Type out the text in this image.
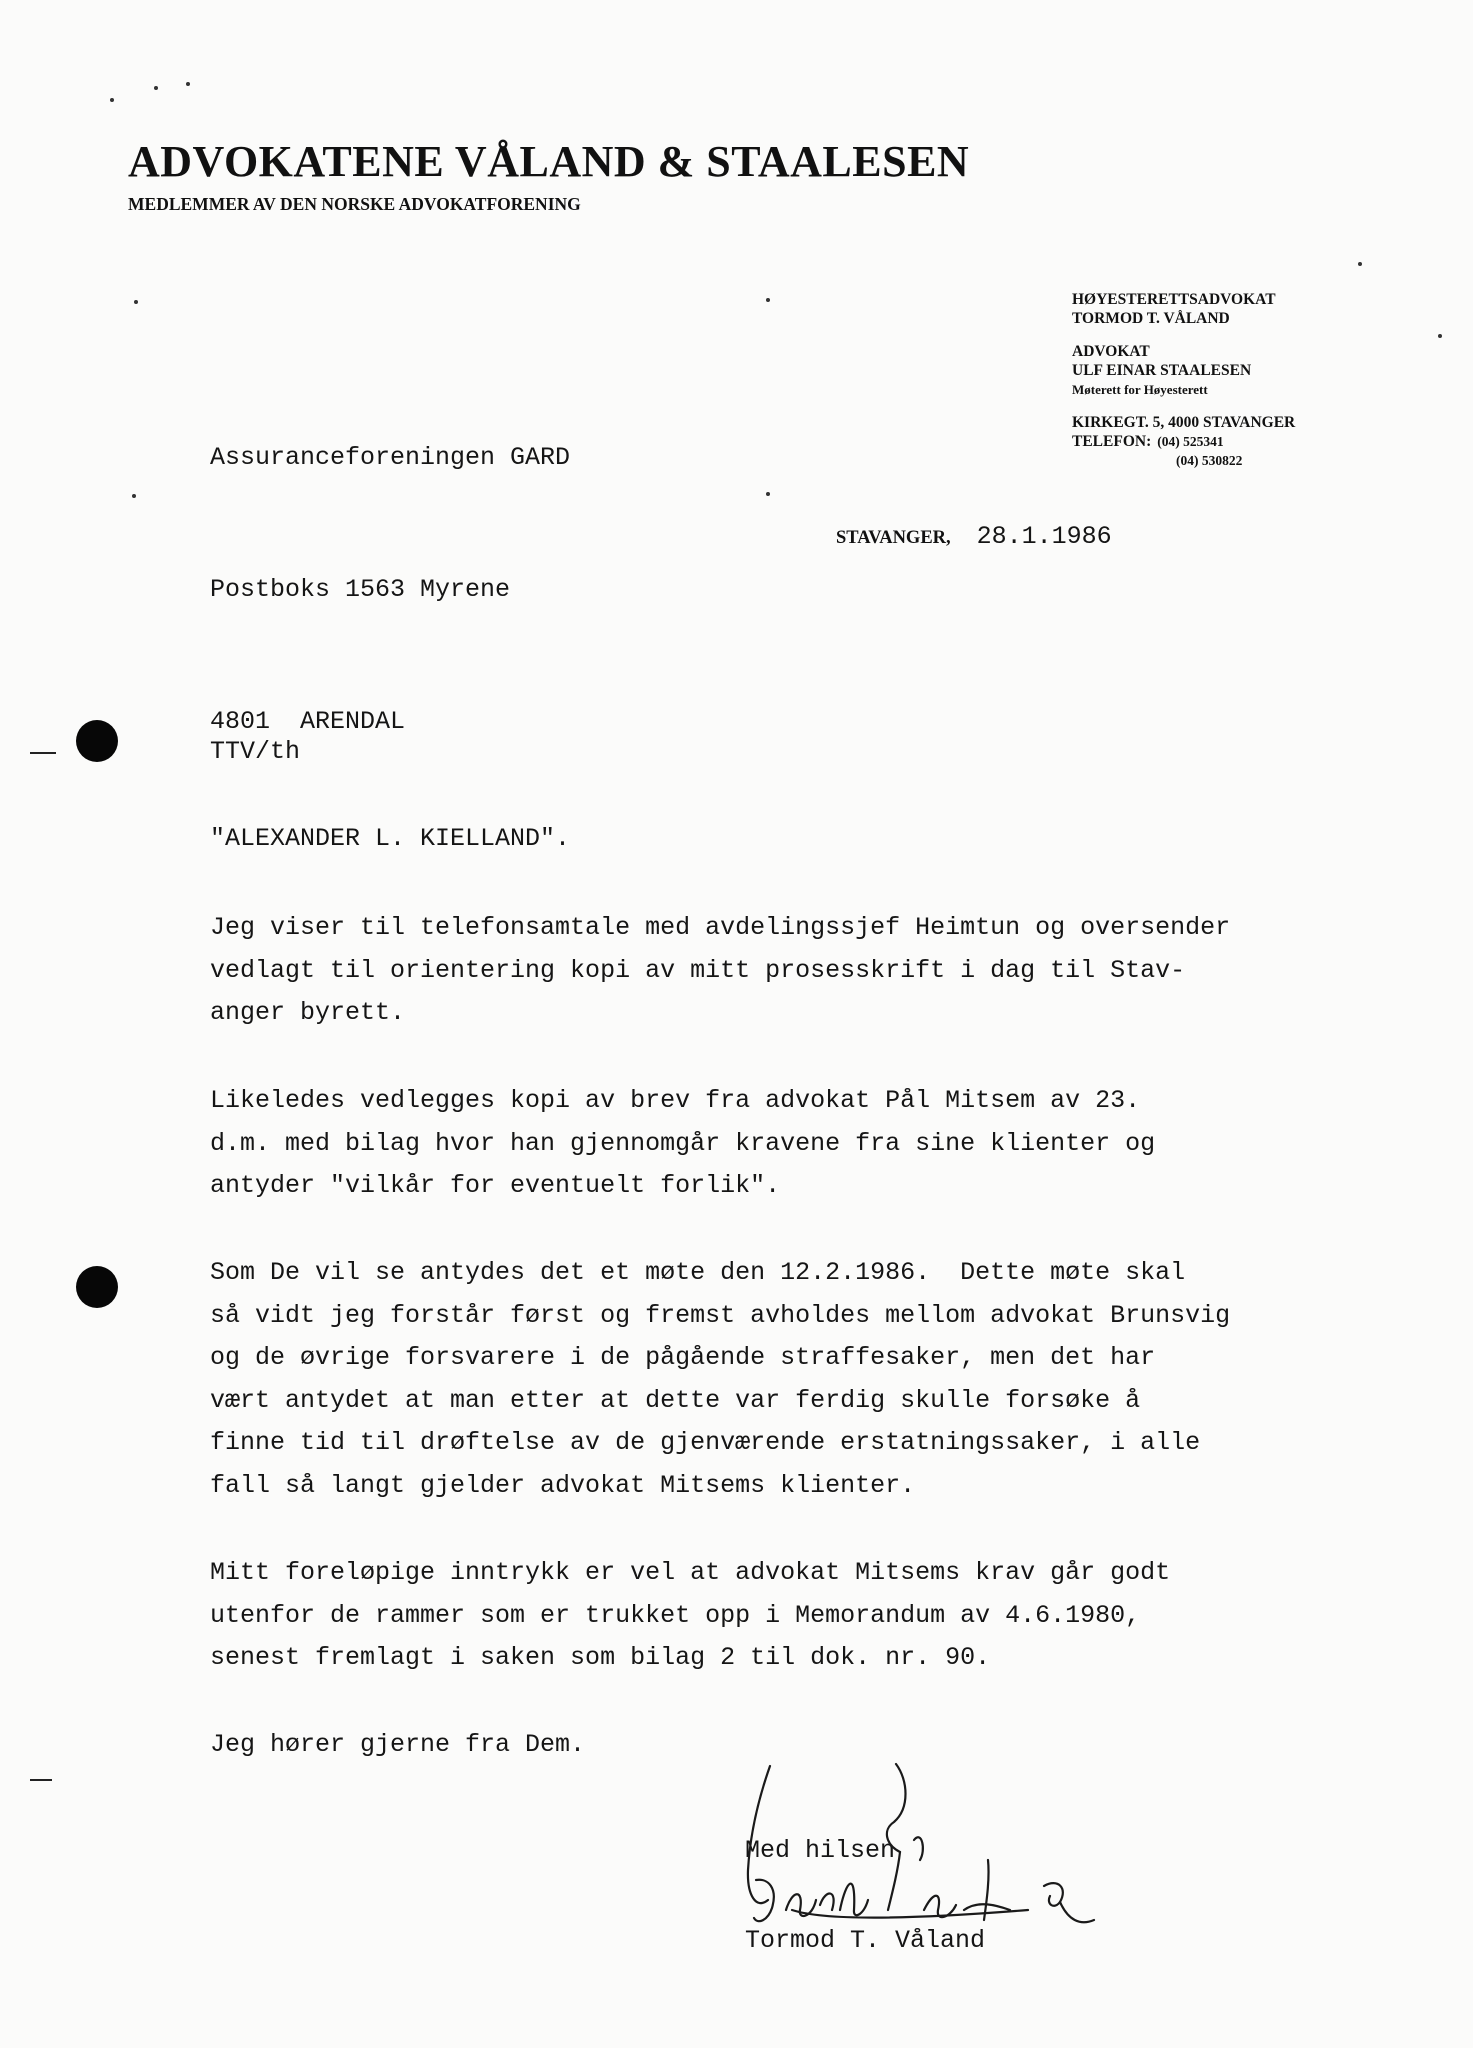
ADVOKATENE VÅLAND & STAALESEN
MEDLEMMER AV DEN NORSKE ADVOKATFORENING
HØYESTERETTSADVOKAT
TORMOD T. VÅLAND
ADVOKAT
ULF EINAR STAALESEN
Møterett for Høyesterett
KIRKEGT. 5, 4000 STAVANGER
TELEFON: (04) 525341
(04) 530822

Assuranceforeningen GARD

Postboks 1563 Myrene

4801  ARENDAL

STAVANGER, 28.1.1986
TTV/th
"ALEXANDER L. KIELLAND".
Jeg viser til telefonsamtale med avdelingssjef Heimtun og oversender
vedlagt til orientering kopi av mitt prosesskrift i dag til Stav-
anger byrett.
Likeledes vedlegges kopi av brev fra advokat Pål Mitsem av 23.
d.m. med bilag hvor han gjennomgår kravene fra sine klienter og
antyder "vilkår for eventuelt forlik".
Som De vil se antydes det et møte den 12.2.1986.  Dette møte skal
så vidt jeg forstår først og fremst avholdes mellom advokat Brunsvig
og de øvrige forsvarere i de pågående straffesaker, men det har
vært antydet at man etter at dette var ferdig skulle forsøke å
finne tid til drøftelse av de gjenværende erstatningssaker, i alle
fall så langt gjelder advokat Mitsems klienter.
Mitt foreløpige inntrykk er vel at advokat Mitsems krav går godt
utenfor de rammer som er trukket opp i Memorandum av 4.6.1980,
senest fremlagt i saken som bilag 2 til dok. nr. 90.
Jeg hører gjerne fra Dem.
Med hilsen
Tormod T. Våland
